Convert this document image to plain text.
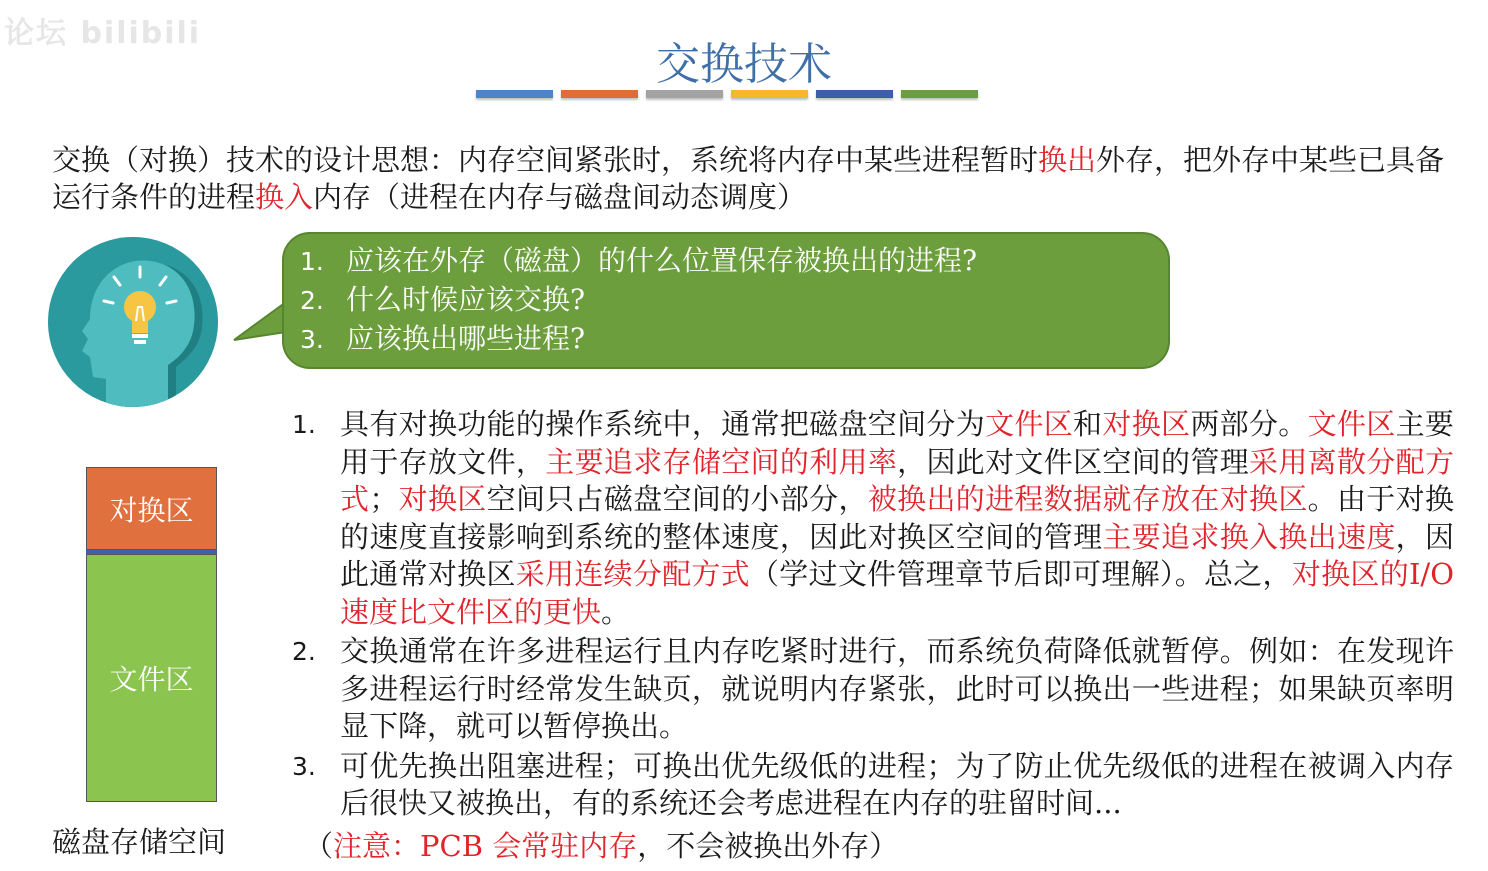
论坛 bilibili
交换技术
交换（对换）技术的设计思想：内存空间紧张时，系统将内存中某些进程暂时换出外存，把外存中某些已具备运行条件的进程换入内存（进程在内存与磁盘间动态调度）
1. 应该在外存（磁盘）的什么位置保存被换出的进程?
2. 什么时候应该交换?
3. 应该换出哪些进程?
对换区
文件区
磁盘存储空间
1. 具有对换功能的操作系统中，通常把磁盘空间分为文件区和对换区两部分。文件区主要用于存放文件，主要追求存储空间的利用率，因此对文件区空间的管理采用离散分配方式；对换区空间只占磁盘空间的小部分，被换出的进程数据就存放在对换区。由于对换的速度直接影响到系统的整体速度，因此对换区空间的管理主要追求换入换出速度，因此通常对换区采用连续分配方式（学过文件管理章节后即可理解）。总之，对换区的I/O速度比文件区的更快。
2. 交换通常在许多进程运行且内存吃紧时进行，而系统负荷降低就暂停。例如：在发现许多进程运行时经常发生缺页，就说明内存紧张，此时可以换出一些进程；如果缺页率明显下降，就可以暂停换出。
3. 可优先换出阻塞进程；可换出优先级低的进程；为了防止优先级低的进程在被调入内存后很快又被换出，有的系统还会考虑进程在内存的驻留时间...
（注意：PCB 会常驻内存，不会被换出外存）
